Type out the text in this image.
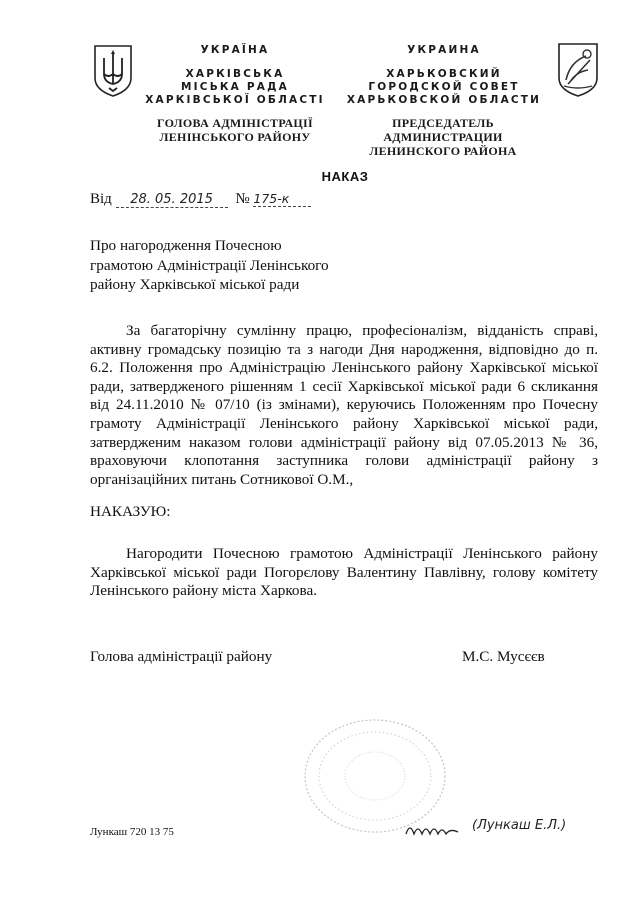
УКРАЇНА
ХАРКІВСЬКА
МІСЬКА РАДА
ХАРКІВСЬКОЇ ОБЛАСТІ
ГОЛОВА АДМІНІСТРАЦІЇ
ЛЕНІНСЬКОГО РАЙОНУ
УКРАИНА
ХАРЬКОВСКИЙ
ГОРОДСКОЙ СОВЕТ
ХАРЬКОВСКОЙ ОБЛАСТИ
ПРЕДСЕДАТЕЛЬ АДМИНИСТРАЦИИ
ЛЕНИНСКОГО РАЙОНА
НАКАЗ
Від 28. 05. 2015 № 175-к
Про нагородження Почесною
грамотою Адміністрації Ленінського
району Харківської міської ради
За багаторічну сумлінну працю, професіоналізм, відданість справі, активну громадську позицію та з нагоди Дня народження, відповідно до п. 6.2. Положення про Адміністрацію Ленінського району Харківської міської ради, затвердженого рішенням 1 сесії Харківської міської ради 6 скликання від 24.11.2010 № 07/10 (із змінами), керуючись Положенням про Почесну грамоту Адміністрації Ленінського району Харківської міської ради, затвердженим наказом голови адміністрації району від 07.05.2013 № 36, враховуючи клопотання заступника голови адміністрації району з організаційних питань Сотникової О.М.,
НАКАЗУЮ:
Нагородити Почесною грамотою Адміністрації Ленінського району Харківської міської ради Погорєлову Валентину Павлівну, голову комітету Ленінського району міста Харкова.
Голова адміністрації району	М.С. Мусєєв
Лункаш 720 13 75	(Лункаш Е.Л.)
